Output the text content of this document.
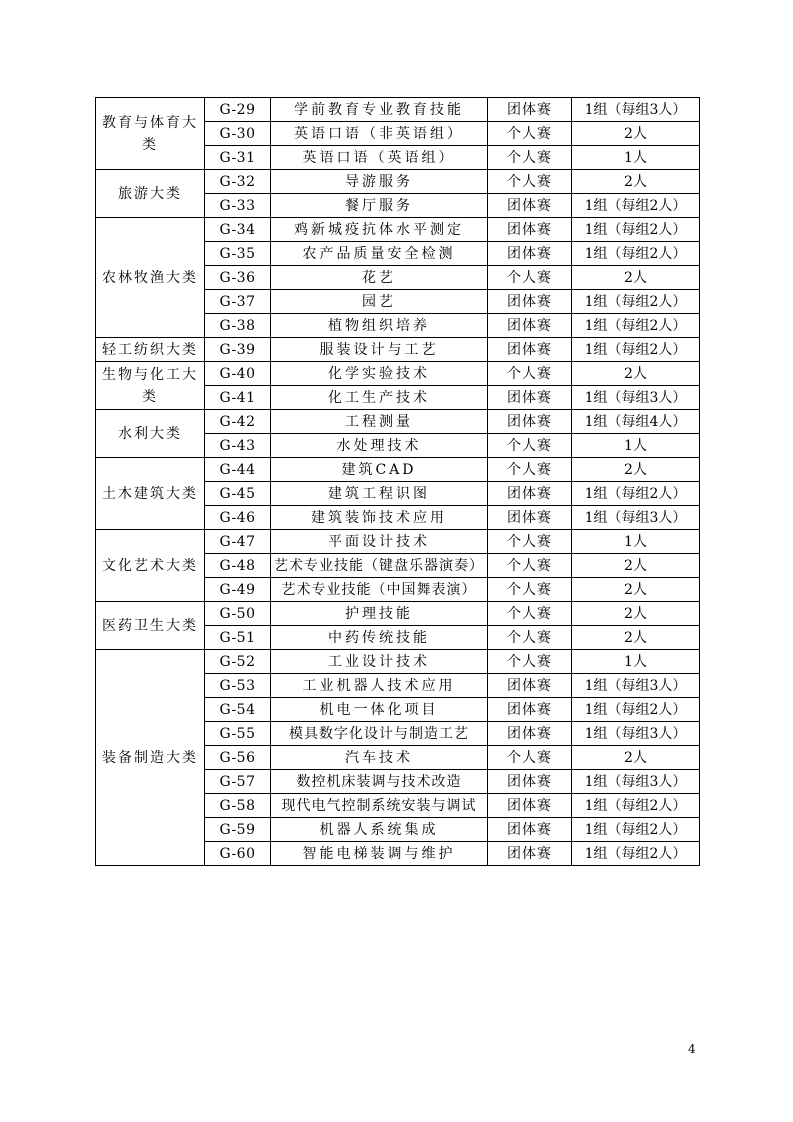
教育与体育大类	G-29	学前教育专业教育技能	团体赛	1组（每组3人）
	G-30	英语口语（非英语组）	个人赛	2人
	G-31	英语口语（英语组）	个人赛	1人
旅游大类	G-32	导游服务	个人赛	2人
	G-33	餐厅服务	团体赛	1组（每组2人）
农林牧渔大类	G-34	鸡新城疫抗体水平测定	团体赛	1组（每组2人）
	G-35	农产品质量安全检测	团体赛	1组（每组2人）
	G-36	花艺	个人赛	2人
	G-37	园艺	团体赛	1组（每组2人）
	G-38	植物组织培养	团体赛	1组（每组2人）
轻工纺织大类	G-39	服装设计与工艺	团体赛	1组（每组2人）
生物与化工大类	G-40	化学实验技术	个人赛	2人
	G-41	化工生产技术	团体赛	1组（每组3人）
水利大类	G-42	工程测量	团体赛	1组（每组4人）
	G-43	水处理技术	个人赛	1人
土木建筑大类	G-44	建筑CAD	个人赛	2人
	G-45	建筑工程识图	团体赛	1组（每组2人）
	G-46	建筑装饰技术应用	团体赛	1组（每组3人）
文化艺术大类	G-47	平面设计技术	个人赛	1人
	G-48	艺术专业技能（键盘乐器演奏）	个人赛	2人
	G-49	艺术专业技能（中国舞表演）	个人赛	2人
医药卫生大类	G-50	护理技能	个人赛	2人
	G-51	中药传统技能	个人赛	2人
装备制造大类	G-52	工业设计技术	个人赛	1人
	G-53	工业机器人技术应用	团体赛	1组（每组3人）
	G-54	机电一体化项目	团体赛	1组（每组2人）
	G-55	模具数字化设计与制造工艺	团体赛	1组（每组3人）
	G-56	汽车技术	个人赛	2人
	G-57	数控机床装调与技术改造	团体赛	1组（每组3人）
	G-58	现代电气控制系统安装与调试	团体赛	1组（每组2人）
	G-59	机器人系统集成	团体赛	1组（每组2人）
	G-60	智能电梯装调与维护	团体赛	1组（每组2人）
4
